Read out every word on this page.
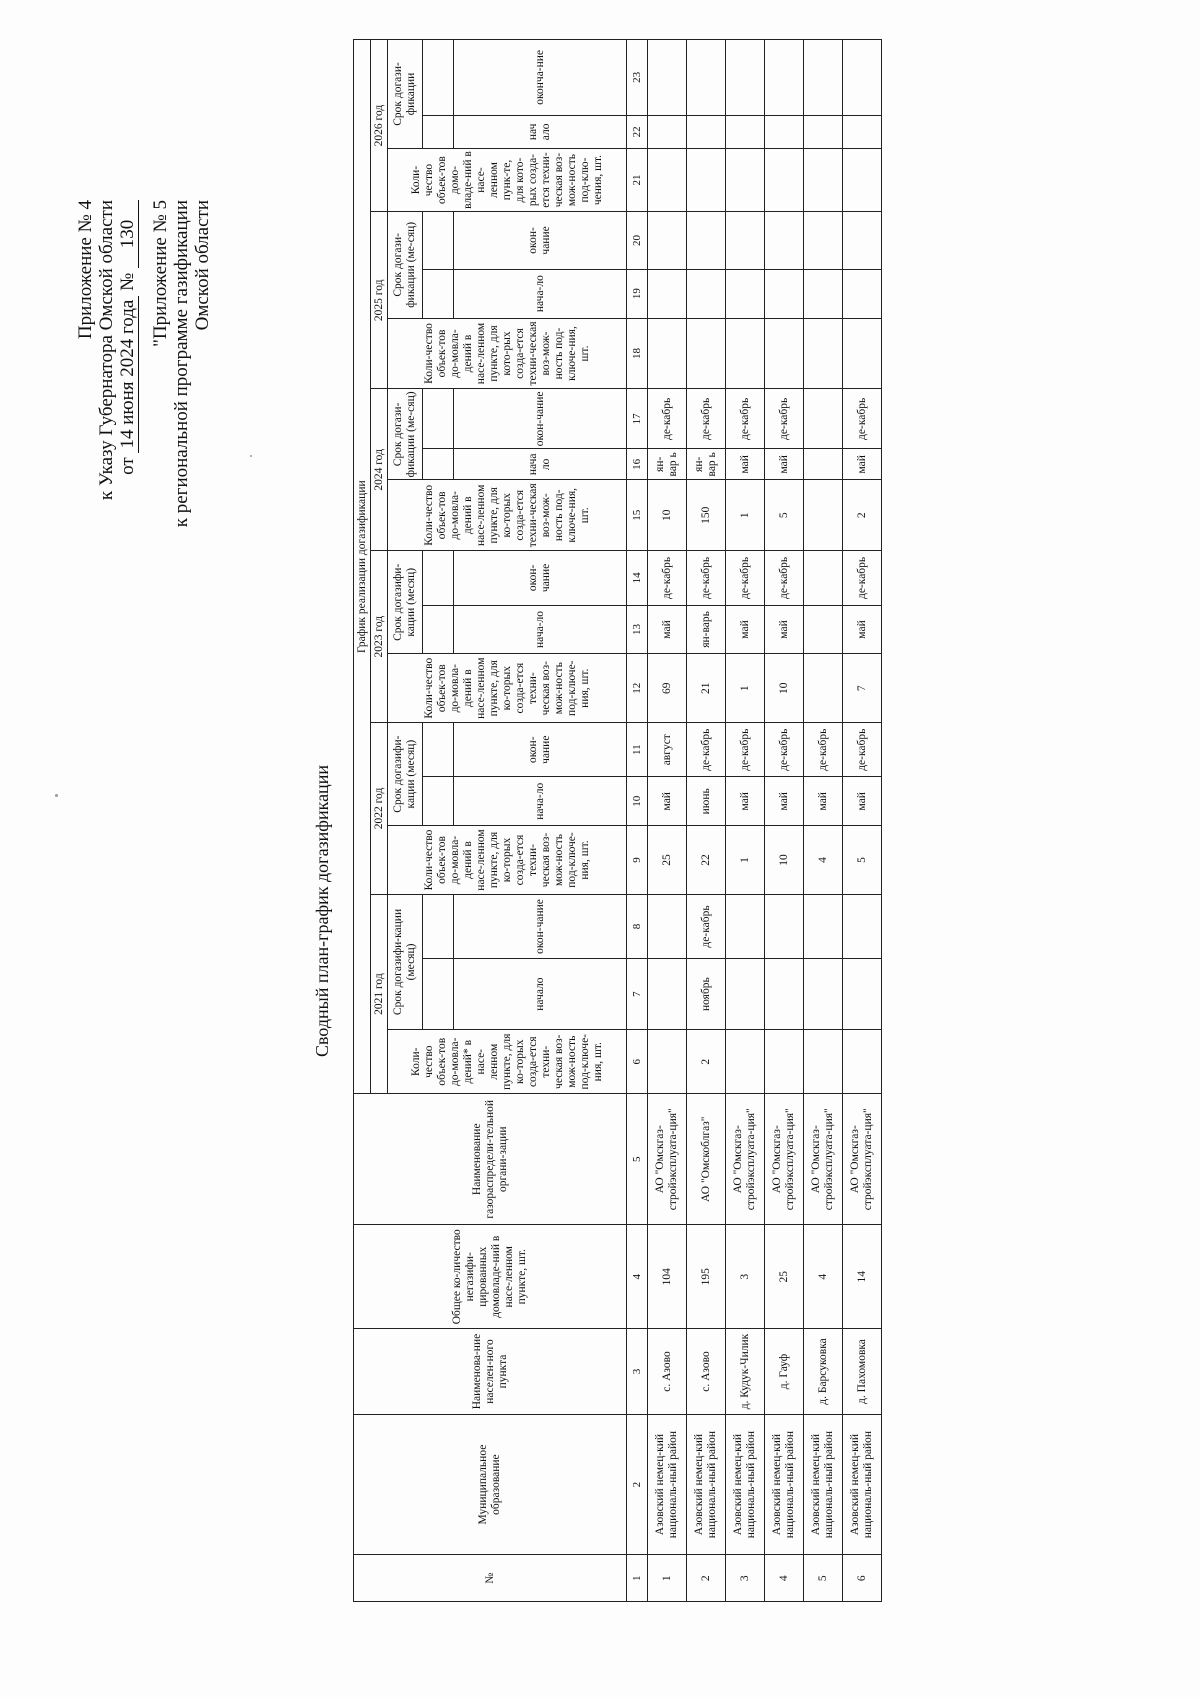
Приложение № 4 к Указу Губернатора Омской области от 14 июня 2024 года № 130 "Приложение № 5 к региональной программе газификации Омской области
Сводный план-график догазификации
№	Муниципальное образование	Наименова-ние населен-ного пункта	Общее ко-личество негазифи-цированных домовладе-ний в насе-ленном пункте, шт.	Наименование газораспредели-тельной органи-зации	График реализации догазификации																	
					2021 год			2022 год			2023 год			2024 год			2025 год			2026 год		
					Коли-чество объек-тов до-мовла-дений* в насе-ленном пункте, для ко-торых созда-ется техни-ческая воз-мож-ность под-ключе-ния, шт.	Срок догазифи-кации (месяц)		Коли-чество объек-тов до-мовла-дений в насе-ленном пункте, для ко-торых созда-ется техни-ческая воз-мож-ность под-ключе-ния, шт.	Срок догазифи-кации (месяц)		Коли-чество объек-тов до-мовла-дений в насе-ленном пункте, для ко-торых созда-ется техни-ческая воз-мож-ность под-ключе-ния, шт.	Срок догазифи-кации (месяц)		Коли-чество объек-тов до-мовла-дений в насе-ленном пункте, для ко-торых созда-ется техни-ческая воз-мож-ность под-ключе-ния, шт.	Срок догази-фикации (ме-сяц)		Коли-чество объек-тов до-мовла-дений в насе-ленном пункте, для кото-рых созда-ется техни-ческая воз-мож-ность под-ключе-ния, шт.	Срок догази-фикации (ме-сяц)		Коли-чество объек-тов домо-владе-ний в насе-ленном пунк-те, для кото-рых созда-ется техни-ческая воз-мож-ность под-клю-чения, шт.	Срок догази-фикации	

						начало	окон-чание		нача-ло	окон-чание		нача-ло	окон-чание		нача ло	окон-чание		нача-ло	окон-чание		нач ало	оконча-ние
1	2	3	4	5	6	7	8	9	10	11	12	13	14	15	16	17	18	19	20	21	22	23
1	Азовский немец-кий националь-ный район	с. Азово	104	АО "Омскгаз-стройэксплуата-ция"				25	май	август	69	май	де-кабрь	10	ян-вар ь	де-кабрь						
2	Азовский немец-кий националь-ный район	с. Азово	195	АО "Омскоблгаз"	2	ноябрь	де-кабрь	22	июнь	де-кабрь	21	ян-варь	де-кабрь	150	ян-вар ь	де-кабрь						
3	Азовский немец-кий националь-ный район	д. Кудук-Чилик	3	АО "Омскгаз-стройэксплуата-ция"				1	май	де-кабрь	1	май	де-кабрь	1	май	де-кабрь						
4	Азовский немец-кий националь-ный район	д. Гауф	25	АО "Омскгаз-стройэксплуата-ция"				10	май	де-кабрь	10	май	де-кабрь	5	май	де-кабрь						
5	Азовский немец-кий националь-ный район	д. Барсуковка	4	АО "Омскгаз-стройэксплуата-ция"				4	май	де-кабрь												
6	Азовский немец-кий националь-ный район	д. Пахомовка	14	АО "Омскгаз-стройэксплуата-ция"				5	май	де-кабрь	7	май	де-кабрь	2	май	де-кабрь						
